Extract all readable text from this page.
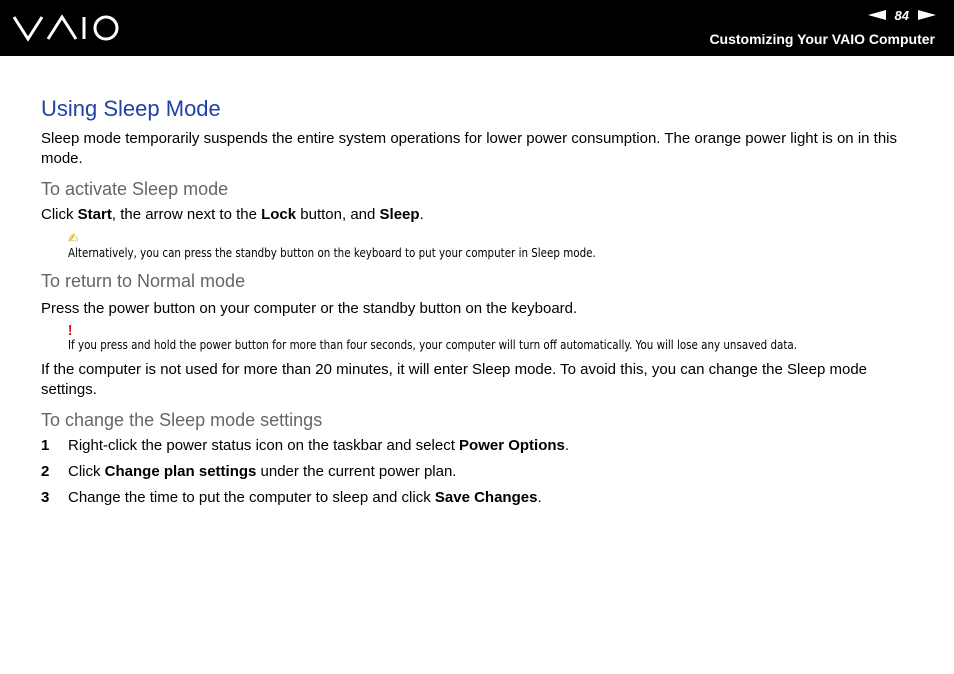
84
Customizing Your VAIO Computer
Using Sleep Mode

Sleep mode temporarily suspends the entire system operations for lower power consumption. The orange power light is on in this mode.

To activate Sleep mode

Click Start, the arrow next to the Lock button, and Sleep.

✍
Alternatively, you can press the standby button on the keyboard to put your computer in Sleep mode.
To return to Normal mode

Press the power button on your computer or the standby button on the keyboard.

!
If you press and hold the power button for more than four seconds, your computer will turn off automatically. You will lose any unsaved data.

If the computer is not used for more than 20 minutes, it will enter Sleep mode. To avoid this, you can change the Sleep mode settings.

To change the Sleep mode settings
1	Right-click the power status icon on the taskbar and select Power Options.
2	Click Change plan settings under the current power plan.
3	Change the time to put the computer to sleep and click Save Changes.
